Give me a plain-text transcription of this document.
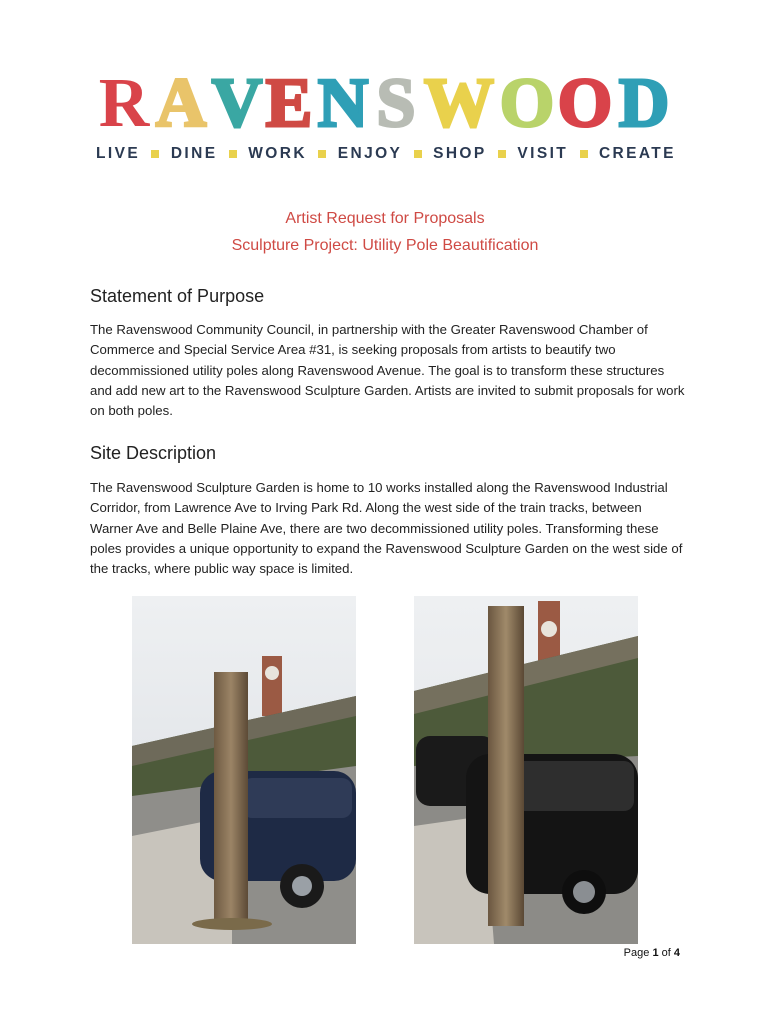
R A V E N S W O O D
LIVE DINE WORK ENJOY SHOP VISIT CREATE
Artist Request for Proposals
Sculpture Project: Utility Pole Beautification
Statement of Purpose
The Ravenswood Community Council, in partnership with the Greater Ravenswood Chamber of Commerce and Special Service Area #31, is seeking proposals from artists to beautify two decommissioned utility poles along Ravenswood Avenue. The goal is to transform these structures and add new art to the Ravenswood Sculpture Garden. Artists are invited to submit proposals for work on both poles.
Site Description
The Ravenswood Sculpture Garden is home to 10 works installed along the Ravenswood Industrial Corridor, from Lawrence Ave to Irving Park Rd. Along the west side of the train tracks, between Warner Ave and Belle Plaine Ave, there are two decommissioned utility poles. Transforming these poles provides a unique opportunity to expand the Ravenswood Sculpture Garden on the west side of the tracks, where public way space is limited.
Page 1 of 4
